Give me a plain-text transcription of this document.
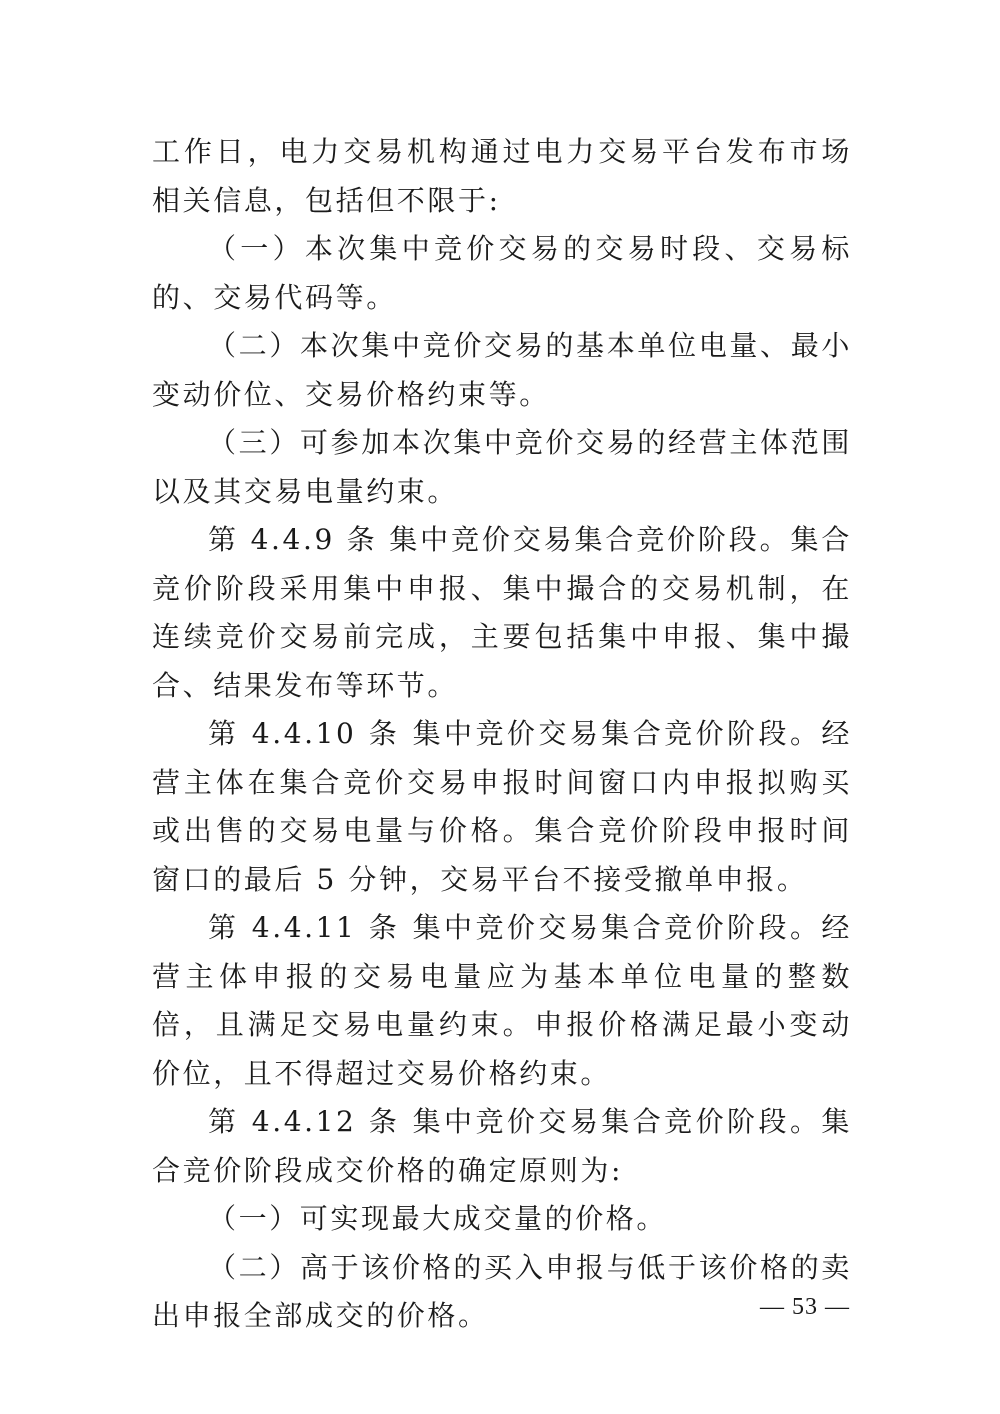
工作日，电力交易机构通过电力交易平台发布市场相关信息，包括但不限于:

（一）本次集中竞价交易的交易时段、交易标的、交易代码等。

（二）本次集中竞价交易的基本单位电量、最小变动价位、交易价格约束等。

（三）可参加本次集中竞价交易的经营主体范围以及其交易电量约束。

第 4.4.9 条 集中竞价交易集合竞价阶段。集合竞价阶段采用集中申报、集中撮合的交易机制，在连续竞价交易前完成，主要包括集中申报、集中撮合、结果发布等环节。

第 4.4.10 条 集中竞价交易集合竞价阶段。经营主体在集合竞价交易申报时间窗口内申报拟购买或出售的交易电量与价格。集合竞价阶段申报时间窗口的最后 5 分钟，交易平台不接受撤单申报。

第 4.4.11 条 集中竞价交易集合竞价阶段。经营主体申报的交易电量应为基本单位电量的整数倍，且满足交易电量约束。申报价格满足最小变动价位，且不得超过交易价格约束。

第 4.4.12 条 集中竞价交易集合竞价阶段。集合竞价阶段成交价格的确定原则为:

（一）可实现最大成交量的价格。

（二）高于该价格的买入申报与低于该价格的卖出申报全部成交的价格。	— 53 —
